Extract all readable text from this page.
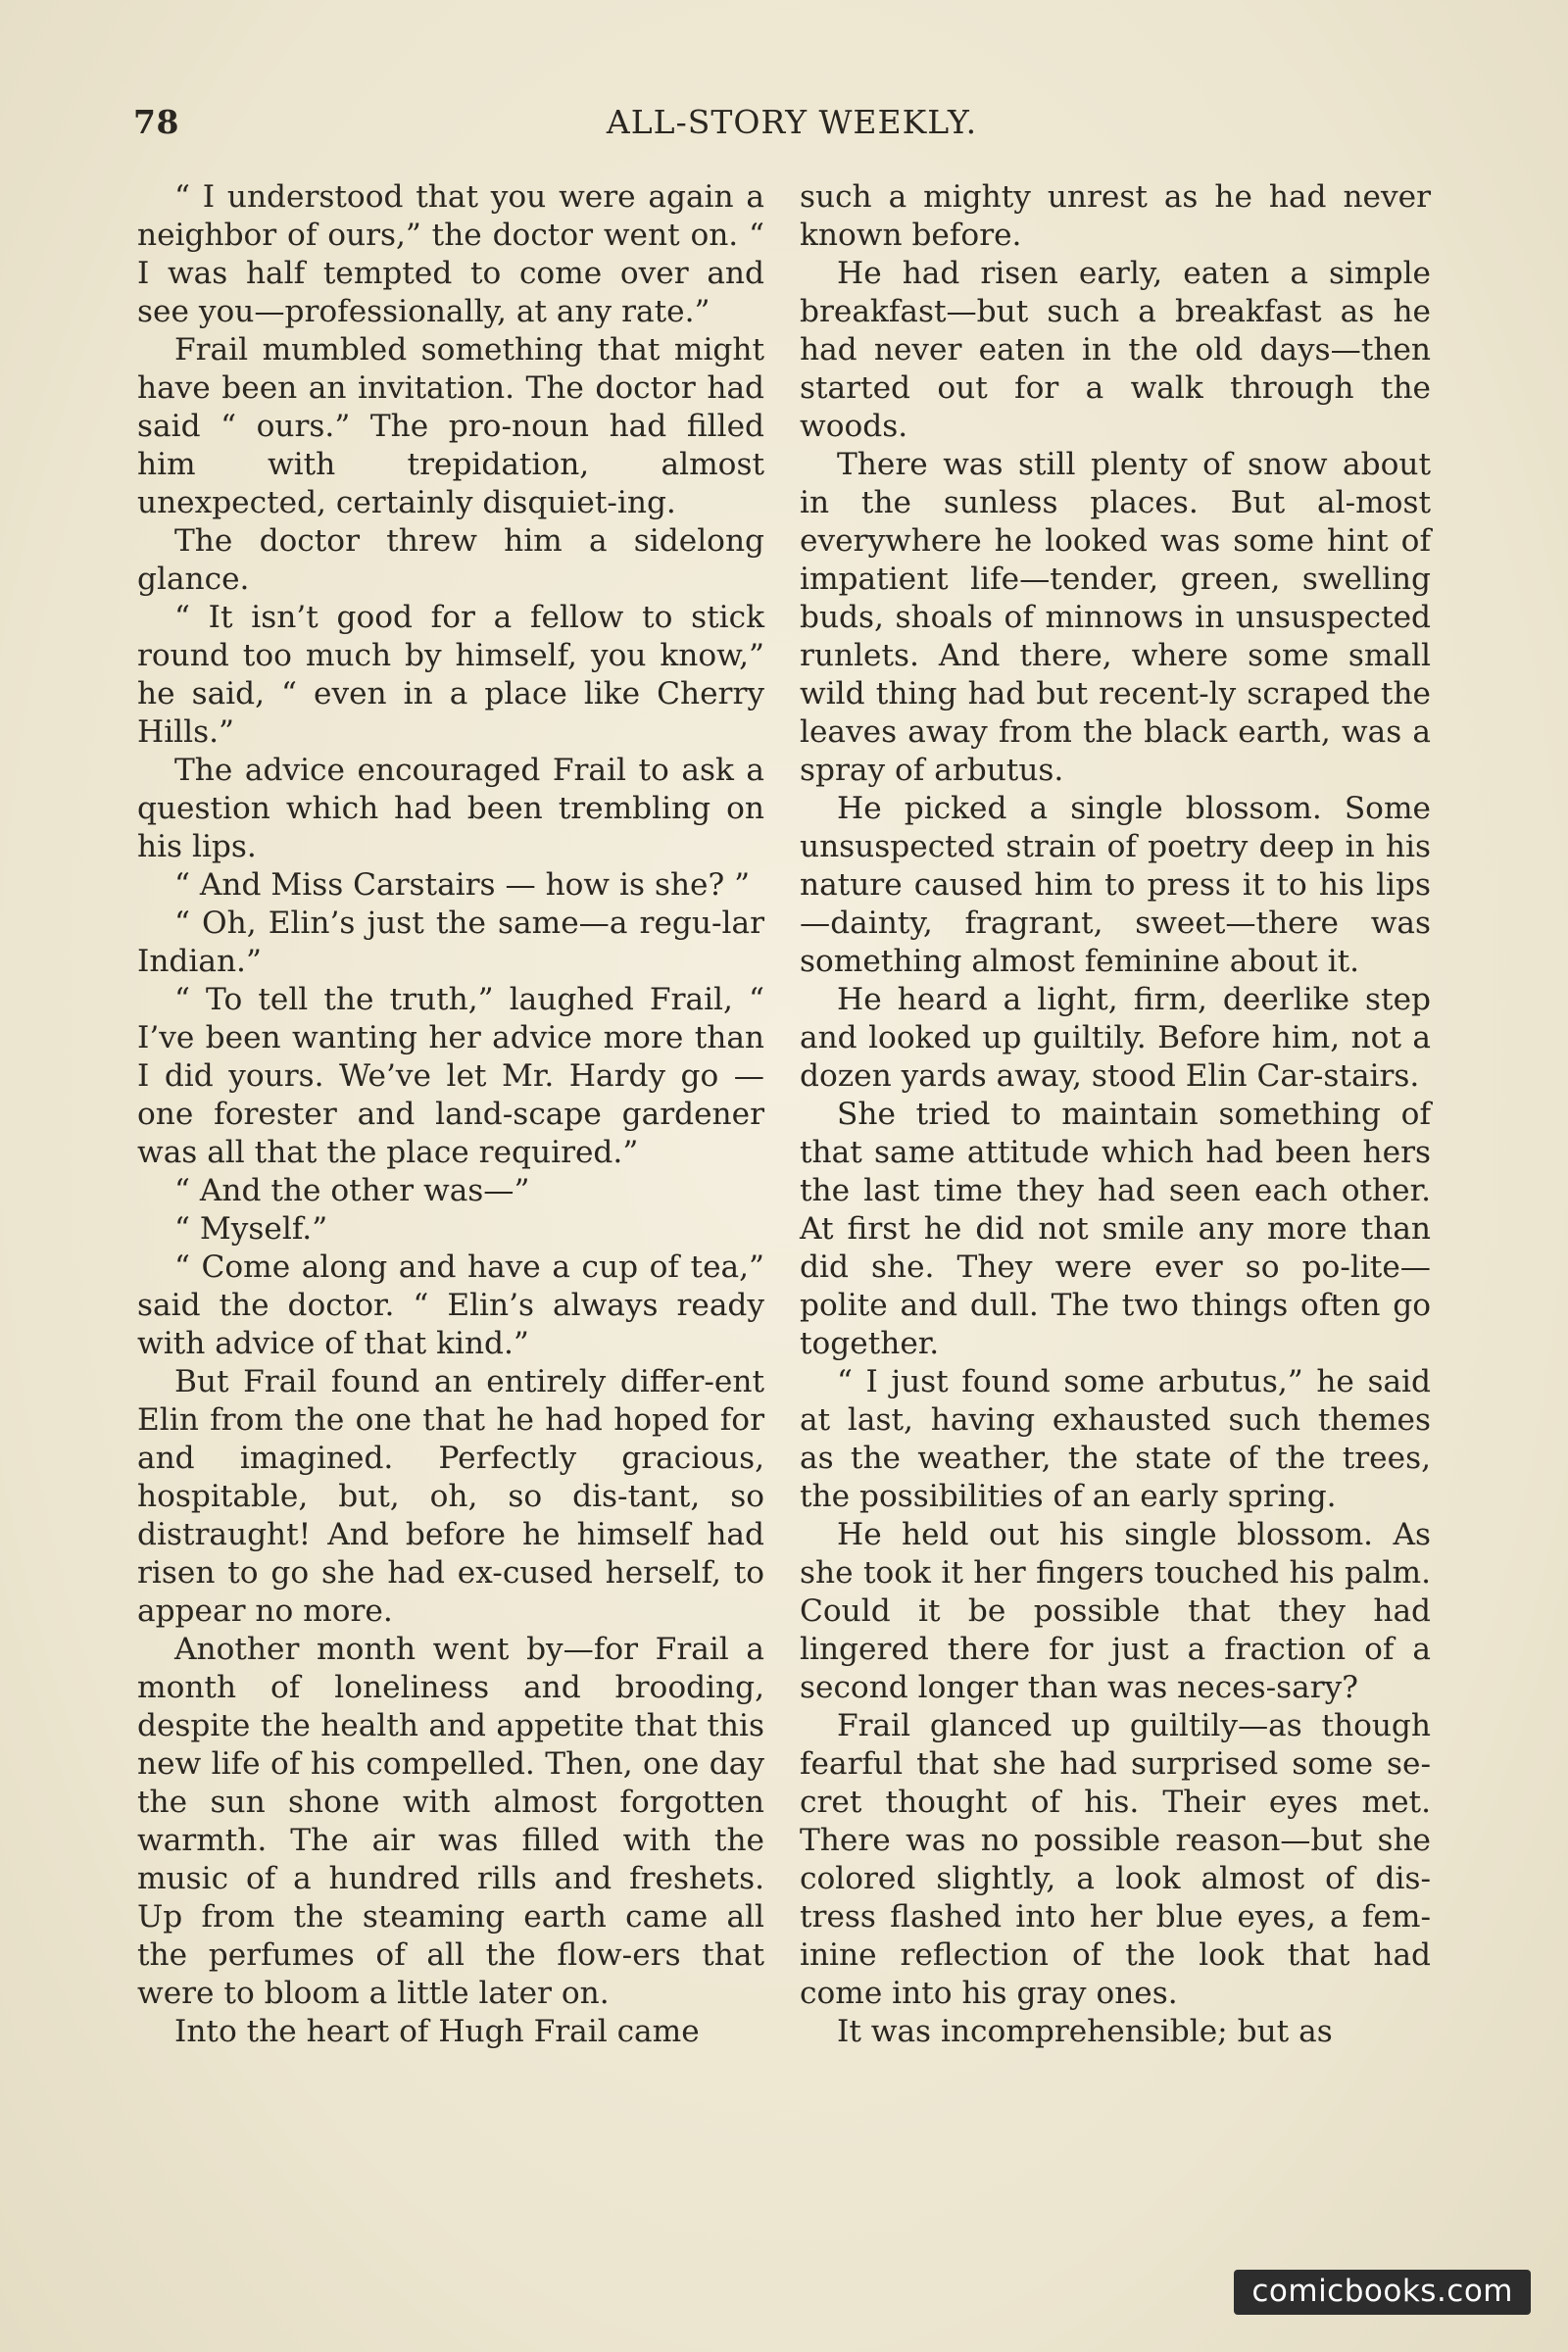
78	ALL-STORY WEEKLY.

“ I understood that you were again a neighbor of ours,” the doctor went on. “ I was half tempted to come over and see you—professionally, at any rate.”

Frail mumbled something that might have been an invitation. The doctor had said “ ours.” The pro-noun had filled him with trepidation, almost unexpected, certainly disquiet-ing.

The doctor threw him a sidelong glance.

“ It isn’t good for a fellow to stick round too much by himself, you know,” he said, “ even in a place like Cherry Hills.”

The advice encouraged Frail to ask a question which had been trembling on his lips.

“ And Miss Carstairs — how is she? ”

“ Oh, Elin’s just the same—a regu-lar Indian.”

“ To tell the truth,” laughed Frail, “ I’ve been wanting her advice more than I did yours. We’ve let Mr. Hardy go — one forester and land-scape gardener was all that the place required.”

“ And the other was—”

“ Myself.”

“ Come along and have a cup of tea,” said the doctor. “ Elin’s always ready with advice of that kind.”

But Frail found an entirely differ-ent Elin from the one that he had hoped for and imagined. Perfectly gracious, hospitable, but, oh, so dis-tant, so distraught! And before he himself had risen to go she had ex-cused herself, to appear no more.

Another month went by—for Frail a month of loneliness and brooding, despite the health and appetite that this new life of his compelled. Then, one day the sun shone with almost forgotten warmth. The air was filled with the music of a hundred rills and freshets. Up from the steaming earth came all the perfumes of all the flow-ers that were to bloom a little later on.

Into the heart of Hugh Frail came

such a mighty unrest as he had never known before.

He had risen early, eaten a simple breakfast—but such a breakfast as he had never eaten in the old days—then started out for a walk through the woods.

There was still plenty of snow about in the sunless places. But al-most everywhere he looked was some hint of impatient life—tender, green, swelling buds, shoals of minnows in unsuspected runlets. And there, where some small wild thing had but recent-ly scraped the leaves away from the black earth, was a spray of arbutus.

He picked a single blossom. Some unsuspected strain of poetry deep in his nature caused him to press it to his lips—dainty, fragrant, sweet—there was something almost feminine about it.

He heard a light, firm, deerlike step and looked up guiltily. Before him, not a dozen yards away, stood Elin Car-stairs.

She tried to maintain something of that same attitude which had been hers the last time they had seen each other. At first he did not smile any more than did she. They were ever so po-lite—polite and dull. The two things often go together.

“ I just found some arbutus,” he said at last, having exhausted such themes as the weather, the state of the trees, the possibilities of an early spring.

He held out his single blossom. As she took it her fingers touched his palm. Could it be possible that they had lingered there for just a fraction of a second longer than was neces-sary?

Frail glanced up guiltily—as though fearful that she had surprised some se-cret thought of his. Their eyes met. There was no possible reason—but she colored slightly, a look almost of dis-tress flashed into her blue eyes, a fem-inine reflection of the look that had come into his gray ones.

It was incomprehensible; but as

comicbooks.com
